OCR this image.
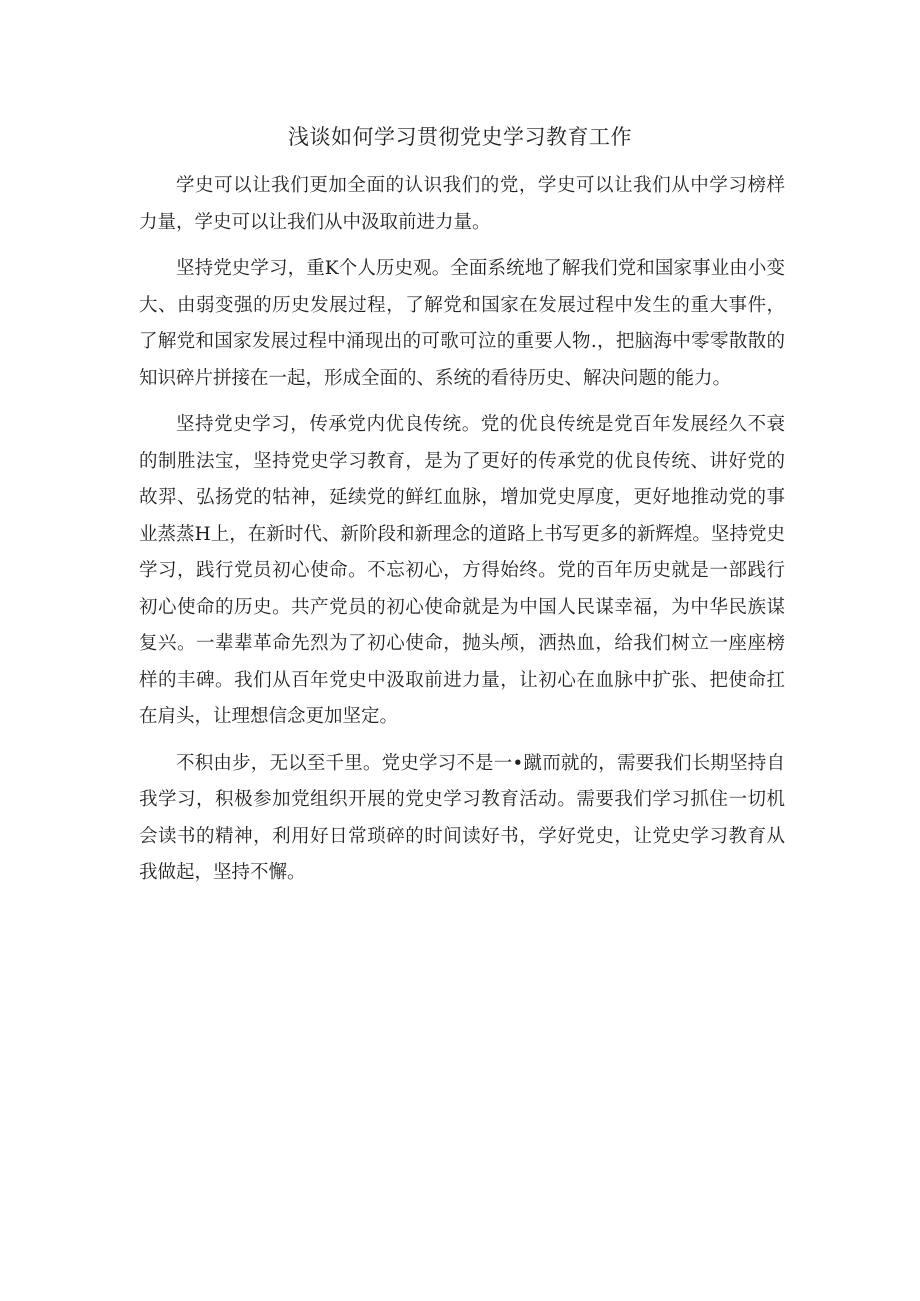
浅谈如何学习贯彻党史学习教育工作

学史可以让我们更加全面的认识我们的党，学史可以让我们从中学习榜样力量，学史可以让我们从中汲取前进力量。

坚持党史学习，重K个人历史观。全面系统地了解我们党和国家事业由小变大、由弱变强的历史发展过程，了解党和国家在发展过程中发生的重大事件，了解党和国家发展过程中涌现出的可歌可泣的重要人物.，把脑海中零零散散的知识碎片拼接在一起，形成全面的、系统的看待历史、解决问题的能力。

坚持党史学习，传承党内优良传统。党的优良传统是党百年发展经久不衰的制胜法宝，坚持党史学习教育，是为了更好的传承党的优良传统、讲好党的故羿、弘扬党的牯神，延续党的鲜红血脉，增加党史厚度，更好地推动党的事业蒸蒸H上，在新时代、新阶段和新理念的道路上书写更多的新辉煌。坚持党史学习，践行党员初心使命。不忘初心，方得始终。党的百年历史就是一部践行初心使命的历史。共产党员的初心使命就是为中国人民谋幸福，为中华民族谋复兴。一辈辈革命先烈为了初心使命，抛头颅，洒热血，给我们树立一座座榜样的丰碑。我们从百年党史中汲取前进力量，让初心在血脉中扩张、把使命扛在肩头，让理想信念更加坚定。

不积由步，无以至千里。党史学习不是一•蹴而就的，需要我们长期坚持自我学习，积极参加党组织开展的党史学习教育活动。需要我们学习抓住一切机会读书的精神，利用好日常琐碎的时间读好书，学好党史，让党史学习教育从我做起，坚持不懈。
